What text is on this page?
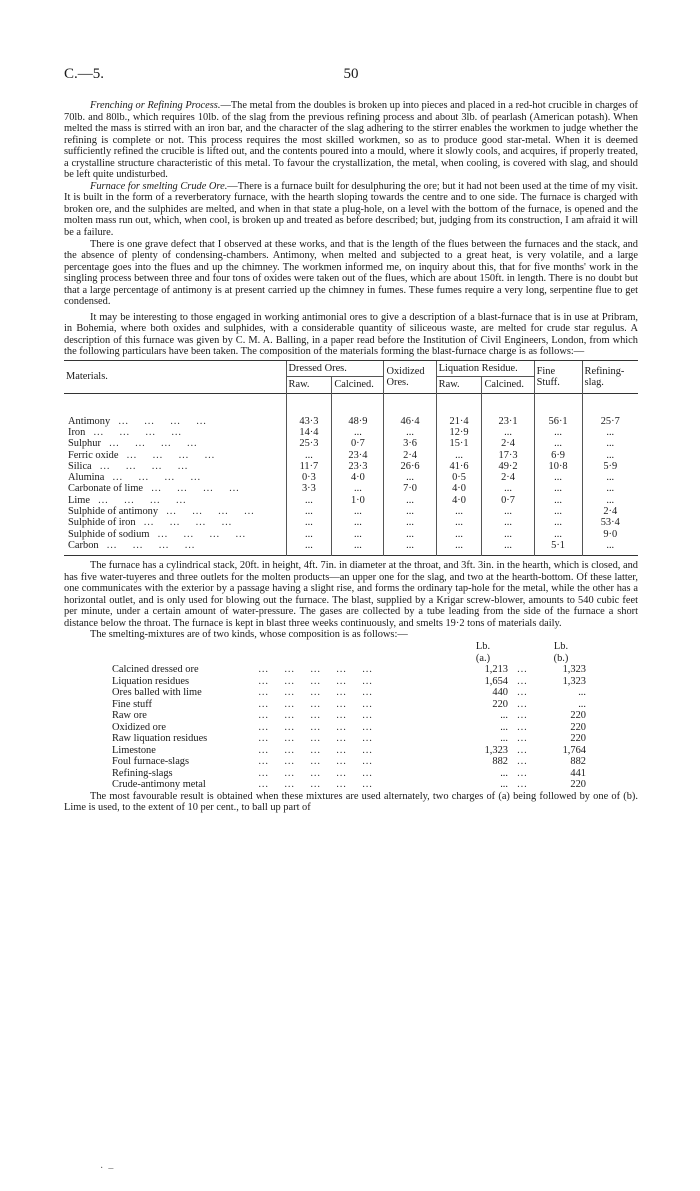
C.—5.	50

Frenching or Refining Process.—The metal from the doubles is broken up into pieces and placed in a red-hot crucible in charges of 70lb. and 80lb., which requires 10lb. of the slag from the previous refining process and about 3lb. of pearlash (American potash). When melted the mass is stirred with an iron bar, and the character of the slag adhering to the stirrer enables the workmen to judge whether the refining is complete or not. This process requires the most skilled workmen, so as to produce good star-metal. When it is deemed sufficiently refined the crucible is lifted out, and the contents poured into a mould, where it slowly cools, and acquires, if properly treated, a crystalline structure characteristic of this metal. To favour the crystallization, the metal, when cooling, is covered with slag, and should be left quite undisturbed.

Furnace for smelting Crude Ore.—There is a furnace built for desulphuring the ore; but it had not been used at the time of my visit. It is built in the form of a reverberatory furnace, with the hearth sloping towards the centre and to one side. The furnace is charged with broken ore, and the sulphides are melted, and when in that state a plug-hole, on a level with the bottom of the furnace, is opened and the molten mass run out, which, when cool, is broken up and treated as before described; but, judging from its construction, I am afraid it will be a failure.

There is one grave defect that I observed at these works, and that is the length of the flues between the furnaces and the stack, and the absence of plenty of condensing-chambers. Antimony, when melted and subjected to a great heat, is very volatile, and a large percentage goes into the flues and up the chimney. The workmen informed me, on inquiry about this, that for five months' work in the singling process between three and four tons of oxides were taken out of the flues, which are about 150ft. in length. There is no doubt but that a large percentage of antimony is at present carried up the chimney in fumes. These fumes require a very long, serpentine flue to get condensed.

It may be interesting to those engaged in working antimonial ores to give a description of a blast-furnace that is in use at Pribram, in Bohemia, where both oxides and sulphides, with a considerable quantity of siliceous waste, are melted for crude star regulus. A description of this furnace was given by C. M. A. Balling, in a paper read before the Institution of Civil Engineers, London, from which the following particulars have been taken. The composition of the materials forming the blast-furnace charge is as follows:—

Materials.	Dressed Ores.		Oxidized Ores.	Liquation Residue.		Fine Stuff.	Refining-slag.
	Raw.	Calcined.		Raw.	Calcined.		

Antimony …      …      …      …	43·3	48·9	46·4	21·4	23·1	56·1	25·7

Iron …      …      …      …	14·4	...	...	12·9	...	...	...

Sulphur …      …      …      …	25·3	0·7	3·6	15·1	2·4	...	...

Ferric oxide …      …      …      …	...	23·4	2·4	...	17·3	6·9	...

Silica …      …      …      …	11·7	23·3	26·6	41·6	49·2	10·8	5·9

Alumina …      …      …      …	0·3	4·0	...	0·5	2·4	...	...

Carbonate of lime …      …      …      …	3·3	...	7·0	4·0	...	...	...

Lime …      …      …      …	...	1·0	...	4·0	0·7	...	...

Sulphide of antimony …      …      …      …	...	...	...	...	...	...	2·4

Sulphide of iron …      …      …      …	...	...	...	...	...	...	53·4

Sulphide of sodium …      …      …      …	...	...	...	...	...	...	9·0

Carbon …      …      …      …	...	...	...	...	...	5·1	...

The furnace has a cylindrical stack, 20ft. in height, 4ft. 7in. in diameter at the throat, and 3ft. 3in. in the hearth, which is closed, and has five water-tuyeres and three outlets for the molten products—an upper one for the slag, and two at the hearth-bottom. Of these latter, one communicates with the exterior by a passage having a slight rise, and forms the ordinary tap-hole for the metal, while the other has a horizontal outlet, and is only used for blowing out the furnace. The blast, supplied by a Krigar screw-blower, amounts to 540 cubic feet per minute, under a certain amount of water-pressure. The gases are collected by a tube leading from the side of the furnace a short distance below the throat. The furnace is kept in blast three weeks continuously, and smelts 19·2 tons of materials daily.

The smelting-mixtures are of two kinds, whose composition is as follows:—

Lb.	Lb.
(a.)	(b.)
Calcined dressed ore	…      …      …      …      …	1,213 …	1,323
Liquation residues	…      …      …      …      …	1,654 …	1,323
Ores balled with lime	…      …      …      …      …	440 …	...
Fine stuff	…      …      …      …      …	220 …	...
Raw ore	…      …      …      …      …	... …	220
Oxidized ore	…      …      …      …      …	... …	220
Raw liquation residues	…      …      …      …      …	... …	220
Limestone	…      …      …      …      …	1,323 …	1,764
Foul furnace-slags	…      …      …      …      …	882 …	882
Refining-slags	…      …      …      …      …	... …	441
Crude-antimony metal	…      …      …      …      …	... …	220

The most favourable result is obtained when these mixtures are used alternately, two charges of (a) being followed by one of (b). Lime is used, to the extent of 10 per cent., to ball up part of

·  –
